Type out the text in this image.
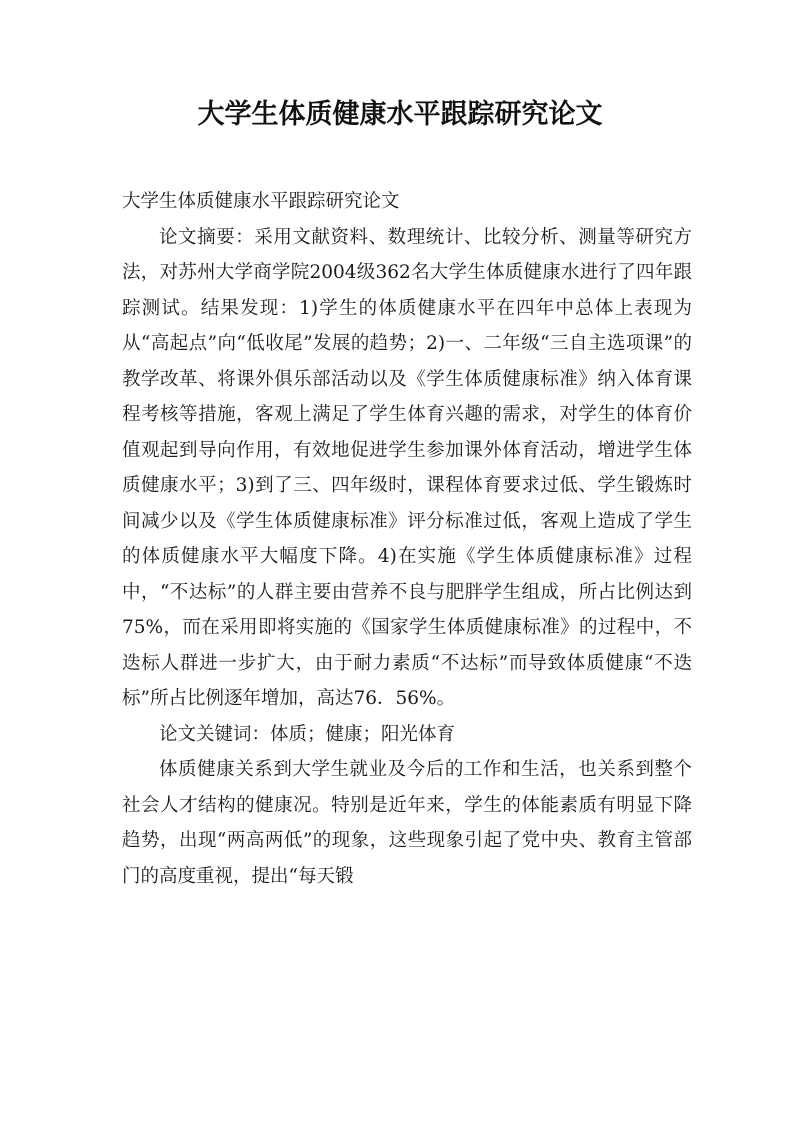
大学生体质健康水平跟踪研究论文

大学生体质健康水平跟踪研究论文

论文摘要：采用文献资料、数理统计、比较分析、测量等研究方法，对苏州大学商学院2004级362名大学生体质健康水进行了四年跟踪测试。结果发现：1)学生的体质健康水平在四年中总体上表现为从“高起点”向“低收尾”发展的趋势；2)一、二年级“三自主选项课”的教学改革、将课外俱乐部活动以及《学生体质健康标准》纳入体育课程考核等措施，客观上满足了学生体育兴趣的需求，对学生的体育价值观起到导向作用，有效地促进学生参加课外体育活动，增进学生体质健康水平；3)到了三、四年级时，课程体育要求过低、学生锻炼时间减少以及《学生体质健康标准》评分标准过低，客观上造成了学生的体质健康水平大幅度下降。4)在实施《学生体质健康标准》过程中，“不达标”的人群主要由营养不良与肥胖学生组成，所占比例达到75%，而在采用即将实施的《国家学生体质健康标准》的过程中，不迭标人群进一步扩大，由于耐力素质“不达标”而导致体质健康“不迭标”所占比例逐年增加，高达76．56%。

论文关键词：体质；健康；阳光体育

体质健康关系到大学生就业及今后的工作和生活，也关系到整个社会人才结构的健康况。特别是近年来，学生的体能素质有明显下降趋势，出现“两高两低”的现象，这些现象引起了党中央、教育主管部门的高度重视，提出“每天锻
